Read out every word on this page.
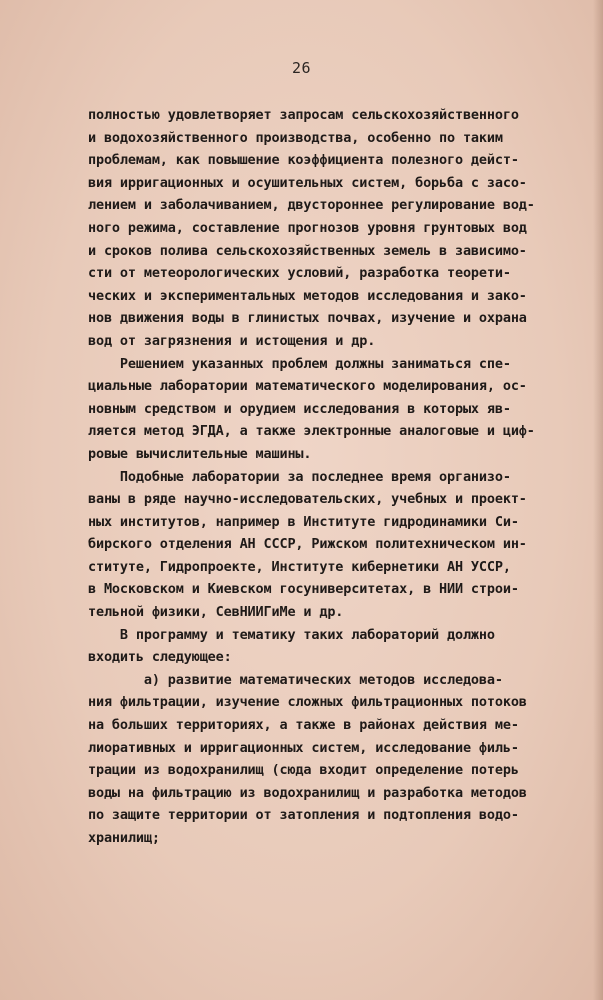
26
полностью удовлетворяет запросам сельскохозяйственного
и водохозяйственного производства, особенно по таким
проблемам, как повышение коэффициента полезного дейст-
вия ирригационных и осушительных систем, борьба с засо-
лением и заболачиванием, двустороннее регулирование вод-
ного режима, составление прогнозов уровня грунтовых вод
и сроков полива сельскохозяйственных земель в зависимо-
сти от метеорологических условий, разработка теорети-
ческих и экспериментальных методов исследования и зако-
нов движения воды в глинистых почвах, изучение и охрана
вод от загрязнения и истощения и др.
Решением указанных проблем должны заниматься спе-
циальные лаборатории математического моделирования, ос-
новным средством и орудием исследования в которых яв-
ляется метод ЭГДА, а также электронные аналоговые и циф-
ровые вычислительные машины.
Подобные лаборатории за последнее время организо-
ваны в ряде научно-исследовательских, учебных и проект-
ных институтов, например в Институте гидродинамики Си-
бирского отделения АН СССР, Рижском политехническом ин-
ституте, Гидропроекте, Институте кибернетики АН УССР,
в Московском и Киевском госуниверситетах, в НИИ строи-
тельной физики, СевНИИГиМе и др.
В программу и тематику таких лабораторий должно
входить следующее:
а) развитие математических методов исследова-
ния фильтрации, изучение сложных фильтрационных потоков
на больших территориях, а также в районах действия ме-
лиоративных и ирригационных систем, исследование филь-
трации из водохранилищ (сюда входит определение потерь
воды на фильтрацию из водохранилищ и разработка методов
по защите территории от затопления и подтопления водо-
хранилищ;
